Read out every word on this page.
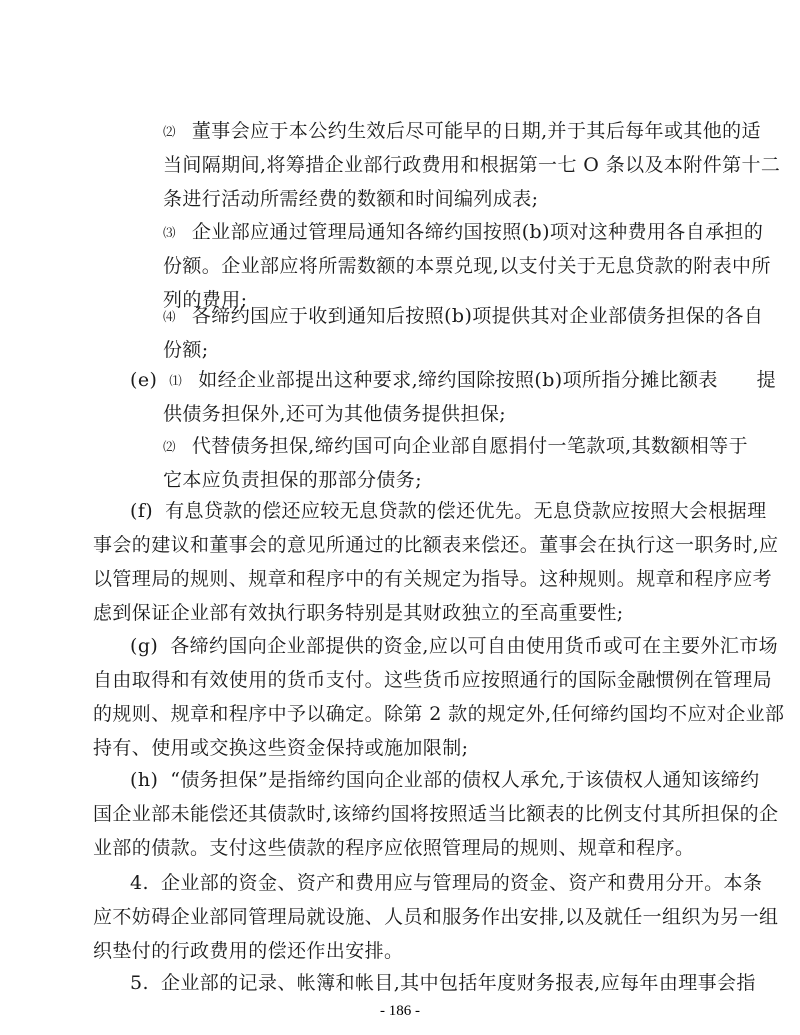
⑵ 董事会应于本公约生效后尽可能早的日期,并于其后每年或其他的适
当间隔期间,将筹措企业部行政费用和根据第一七 O 条以及本附件第十二
条进行活动所需经费的数额和时间编列成表;
⑶ 企业部应通过管理局通知各缔约国按照(b)项对这种费用各自承担的
份额。企业部应将所需数额的本票兑现,以支付关于无息贷款的附表中所
列的费用;
⑷ 各缔约国应于收到通知后按照(b)项提供其对企业部债务担保的各自
份额;
(e) ⑴ 如经企业部提出这种要求,缔约国除按照(b)项所指分摊比额表　　提
供债务担保外,还可为其他债务提供担保;
⑵ 代替债务担保,缔约国可向企业部自愿捐付一笔款项,其数额相等于
它本应负责担保的那部分债务;
(f) 有息贷款的偿还应较无息贷款的偿还优先。无息贷款应按照大会根据理
事会的建议和董事会的意见所通过的比额表来偿还。董事会在执行这一职务时,应
以管理局的规则、规章和程序中的有关规定为指导。这种规则。规章和程序应考
虑到保证企业部有效执行职务特别是其财政独立的至高重要性;
(g) 各缔约国向企业部提供的资金,应以可自由使用货币或可在主要外汇市场
自由取得和有效使用的货币支付。这些货币应按照通行的国际金融惯例在管理局
的规则、规章和程序中予以确定。除第 2 款的规定外,任何缔约国均不应对企业部
持有、使用或交换这些资金保持或施加限制;
(h) “债务担保”是指缔约国向企业部的债权人承允,于该债权人通知该缔约
国企业部未能偿还其债款时,该缔约国将按照适当比额表的比例支付其所担保的企
业部的债款。支付这些债款的程序应依照管理局的规则、规章和程序。
4. 企业部的资金、资产和费用应与管理局的资金、资产和费用分开。本条
应不妨碍企业部同管理局就设施、人员和服务作出安排,以及就任一组织为另一组
织垫付的行政费用的偿还作出安排。
5. 企业部的记录、帐簿和帐目,其中包括年度财务报表,应每年由理事会指
- 186 -
